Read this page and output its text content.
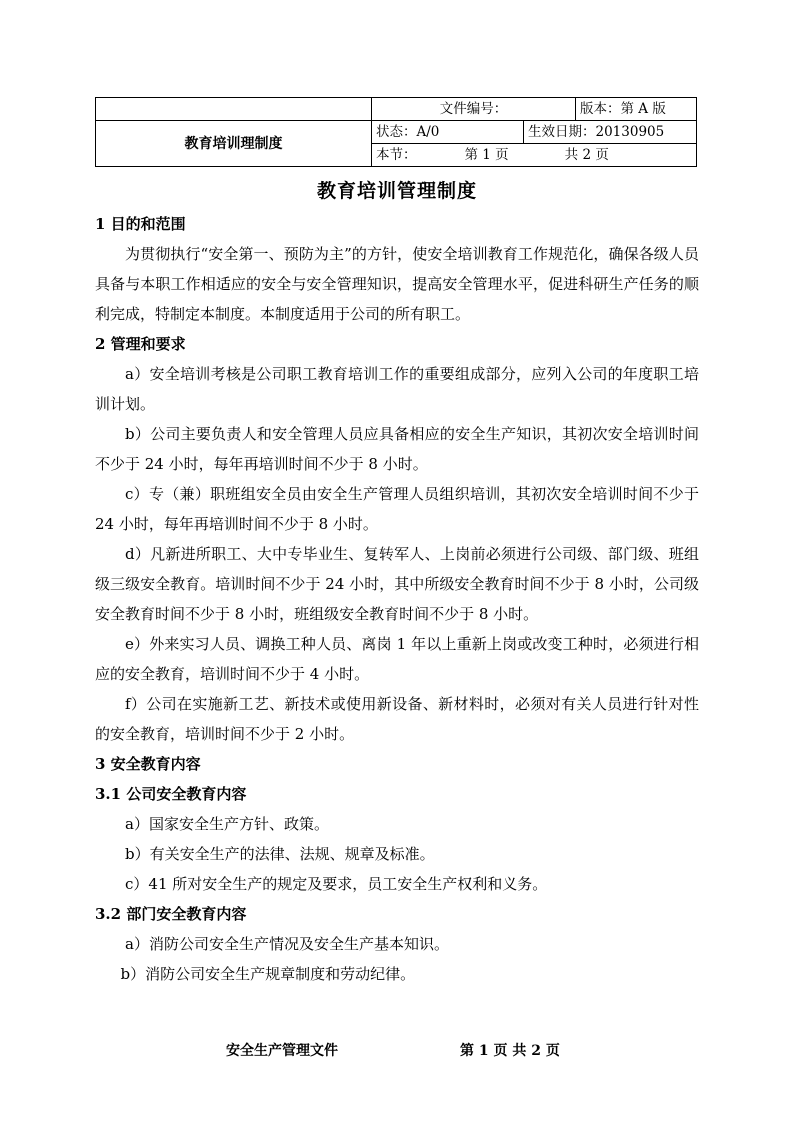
	文件编号：		版本：第 A 版
教育培训理制度	状态：A/0	生效日期：20130905	
	本节： 第 1 页 共 2 页		
教育培训管理制度

1 目的和范围

为贯彻执行“安全第一、预防为主”的方针，使安全培训教育工作规范化，确保各级人员具备与本职工作相适应的安全与安全管理知识，提高安全管理水平，促进科研生产任务的顺利完成，特制定本制度。本制度适用于公司的所有职工。

2 管理和要求

a）安全培训考核是公司职工教育培训工作的重要组成部分，应列入公司的年度职工培训计划。

b）公司主要负责人和安全管理人员应具备相应的安全生产知识，其初次安全培训时间不少于 24 小时，每年再培训时间不少于 8 小时。

c）专（兼）职班组安全员由安全生产管理人员组织培训，其初次安全培训时间不少于 24 小时，每年再培训时间不少于 8 小时。

d）凡新进所职工、大中专毕业生、复转军人、上岗前必须进行公司级、部门级、班组级三级安全教育。培训时间不少于 24 小时，其中所级安全教育时间不少于 8 小时，公司级安全教育时间不少于 8 小时，班组级安全教育时间不少于 8 小时。

e）外来实习人员、调换工种人员、离岗 1 年以上重新上岗或改变工种时，必须进行相应的安全教育，培训时间不少于 4 小时。

f）公司在实施新工艺、新技术或使用新设备、新材料时，必须对有关人员进行针对性的安全教育，培训时间不少于 2 小时。

3 安全教育内容

3.1 公司安全教育内容

a）国家安全生产方针、政策。

b）有关安全生产的法律、法规、规章及标准。

c）41 所对安全生产的规定及要求，员工安全生产权利和义务。

3.2 部门安全教育内容

a）消防公司安全生产情况及安全生产基本知识。

b）消防公司安全生产规章制度和劳动纪律。

安全生产管理文件	第 1 页 共 2 页
